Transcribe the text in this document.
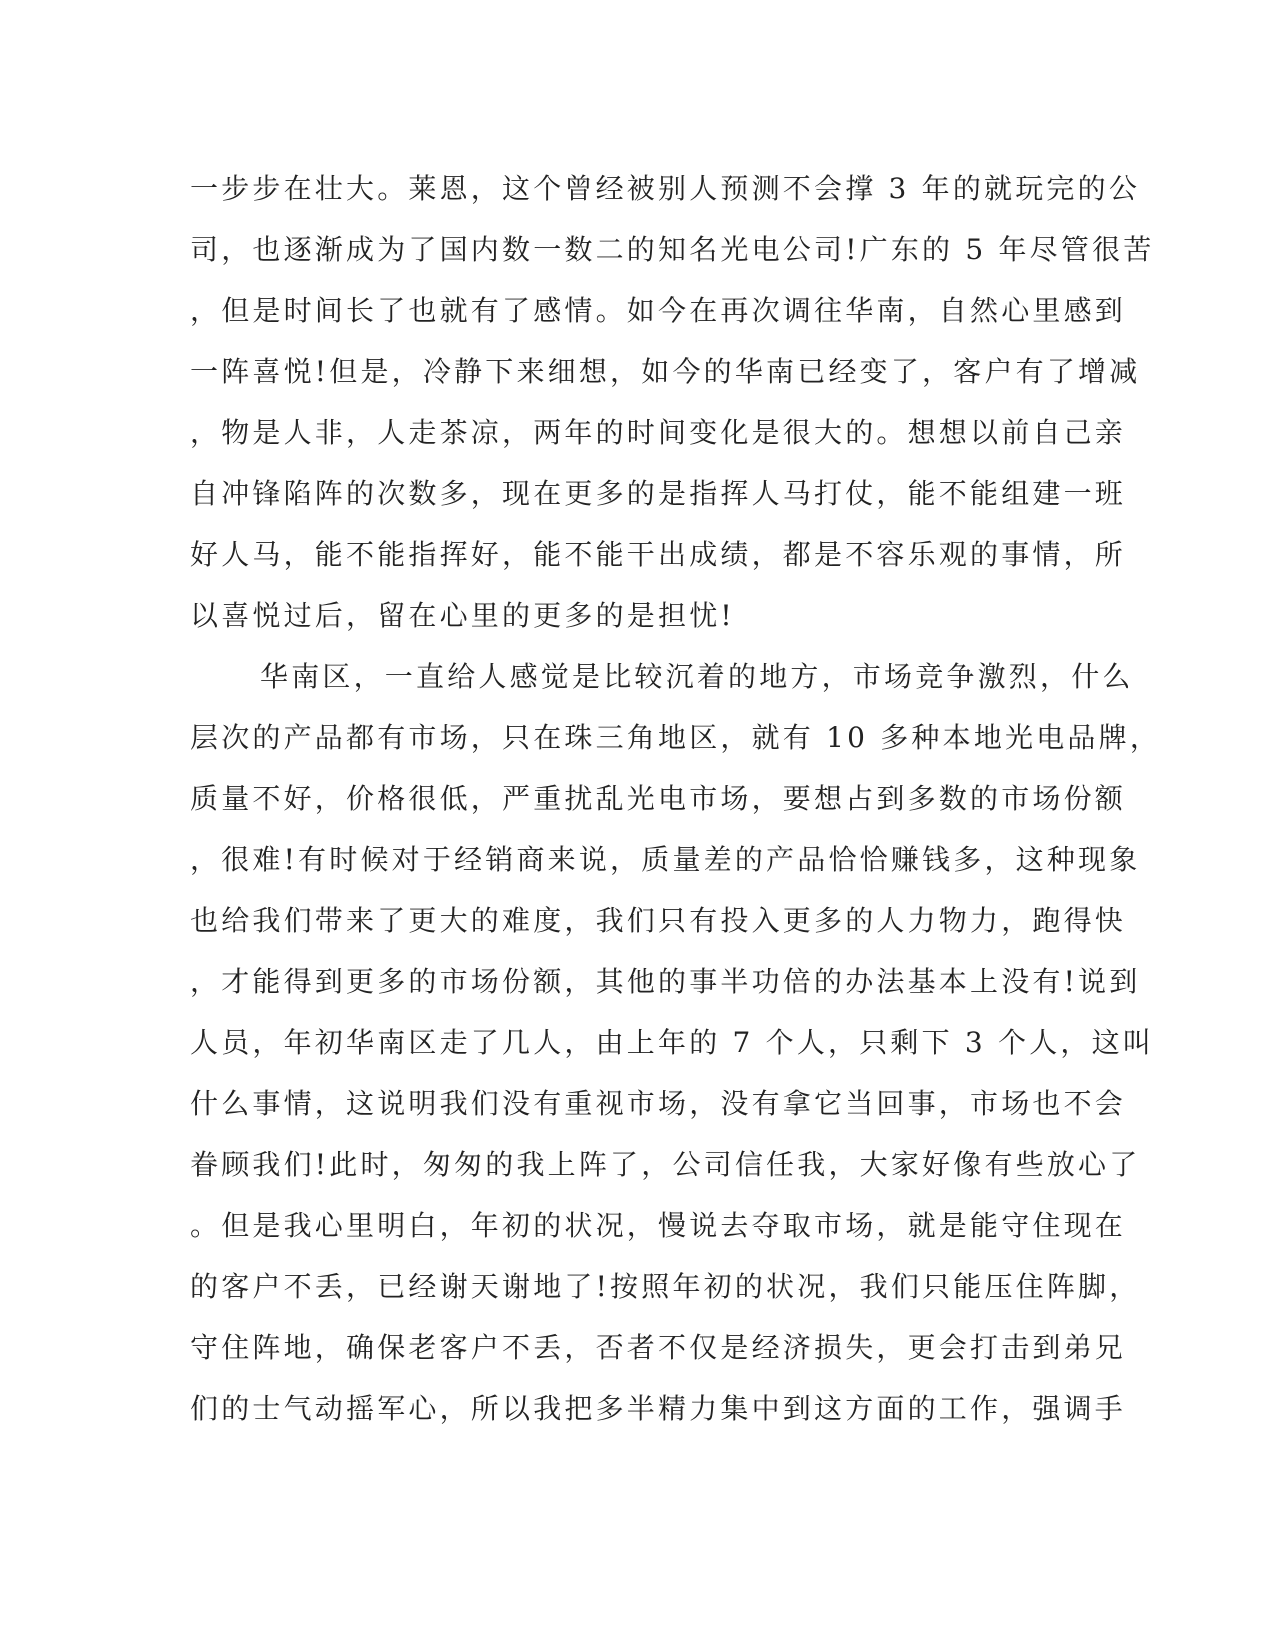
一步步在壮大。莱恩，这个曾经被别人预测不会撑 3 年的就玩完的公
司，也逐渐成为了国内数一数二的知名光电公司!广东的 5 年尽管很苦
，但是时间长了也就有了感情。如今在再次调往华南，自然心里感到
一阵喜悦!但是，冷静下来细想，如今的华南已经变了，客户有了增减
，物是人非，人走茶凉，两年的时间变化是很大的。想想以前自己亲
自冲锋陷阵的次数多，现在更多的是指挥人马打仗，能不能组建一班
好人马，能不能指挥好，能不能干出成绩，都是不容乐观的事情，所
以喜悦过后，留在心里的更多的是担忧!
华南区，一直给人感觉是比较沉着的地方，市场竞争激烈，什么
层次的产品都有市场，只在珠三角地区，就有 10 多种本地光电品牌，
质量不好，价格很低，严重扰乱光电市场，要想占到多数的市场份额
，很难!有时候对于经销商来说，质量差的产品恰恰赚钱多，这种现象
也给我们带来了更大的难度，我们只有投入更多的人力物力，跑得快
，才能得到更多的市场份额，其他的事半功倍的办法基本上没有!说到
人员，年初华南区走了几人，由上年的 7 个人，只剩下 3 个人，这叫
什么事情，这说明我们没有重视市场，没有拿它当回事，市场也不会
眷顾我们!此时，匆匆的我上阵了，公司信任我，大家好像有些放心了
。但是我心里明白，年初的状况，慢说去夺取市场，就是能守住现在
的客户不丢，已经谢天谢地了!按照年初的状况，我们只能压住阵脚，
守住阵地，确保老客户不丢，否者不仅是经济损失，更会打击到弟兄
们的士气动摇军心，所以我把多半精力集中到这方面的工作，强调手
